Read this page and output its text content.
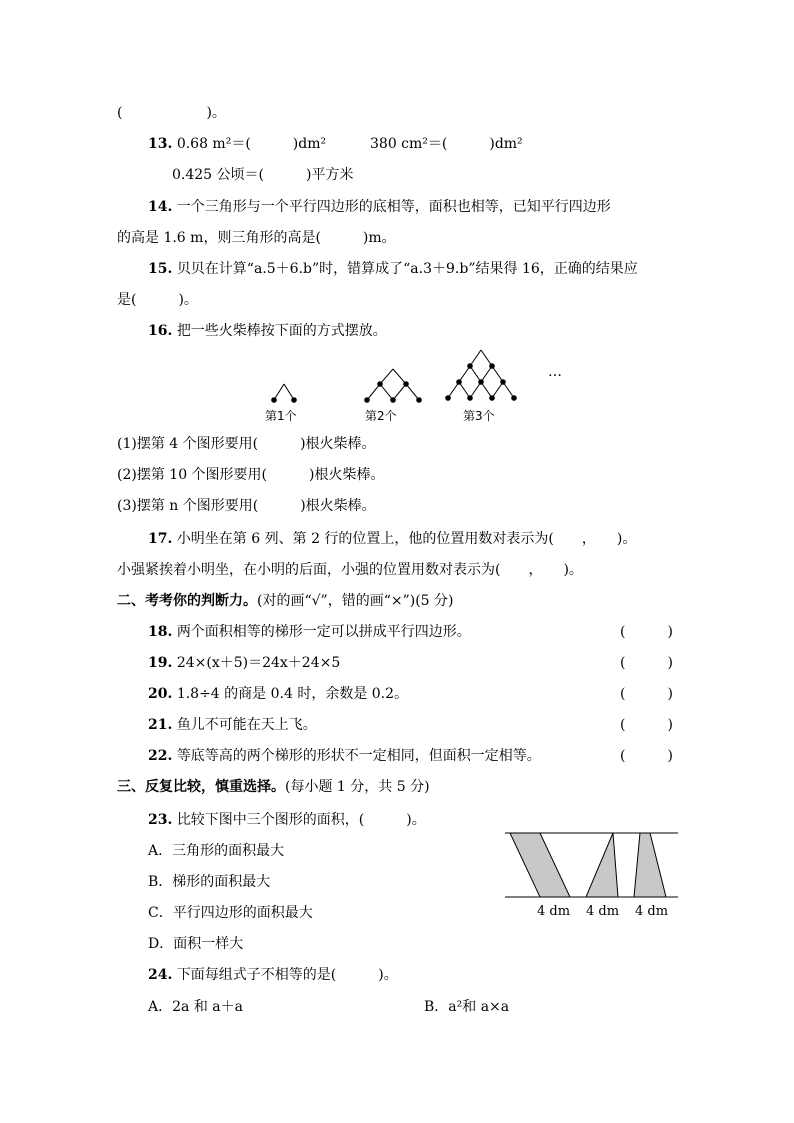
(　　　　　　)。
13. 0.68 m²＝(　　　)dm²	380 cm²＝(　　　)dm²
0.425 公顷＝(　　　)平方米
14. 一个三角形与一个平行四边形的底相等，面积也相等，已知平行四边形
的高是 1.6 m，则三角形的高是(　　　)m。
15. 贝贝在计算“a.5＋6.b”时，错算成了“a.3＋9.b”结果得 16，正确的结果应
是(　　　)。
16. 把一些火柴棒按下面的方式摆放。
第1个	第2个	第3个
…
(1)摆第 4 个图形要用(　　　)根火柴棒。
(2)摆第 10 个图形要用(　　　)根火柴棒。
(3)摆第 n 个图形要用(　　　)根火柴棒。
17. 小明坐在第 6 列、第 2 行的位置上，他的位置用数对表示为(　　，　　)。
小强紧挨着小明坐，在小明的后面，小强的位置用数对表示为(　　，　　)。
二、考考你的判断力。(对的画“√”，错的画“×”)(5 分)
18. 两个面积相等的梯形一定可以拼成平行四边形。	(　　　)
19. 24×(x＋5)＝24x＋24×5	(　　　)
20. 1.8÷4 的商是 0.4 时，余数是 0.2。	(　　　)
21. 鱼儿不可能在天上飞。	(　　　)
22. 等底等高的两个梯形的形状不一定相同，但面积一定相等。	(　　　)
三、反复比较，慎重选择。(每小题 1 分，共 5 分)
23. 比较下图中三个图形的面积，(　　　)。
A．三角形的面积最大
B．梯形的面积最大
C．平行四边形的面积最大
D．面积一样大
4 dm 4 dm 4 dm
24. 下面每组式子不相等的是(　　　)。
A．2a 和 a＋a	B．a²和 a×a
